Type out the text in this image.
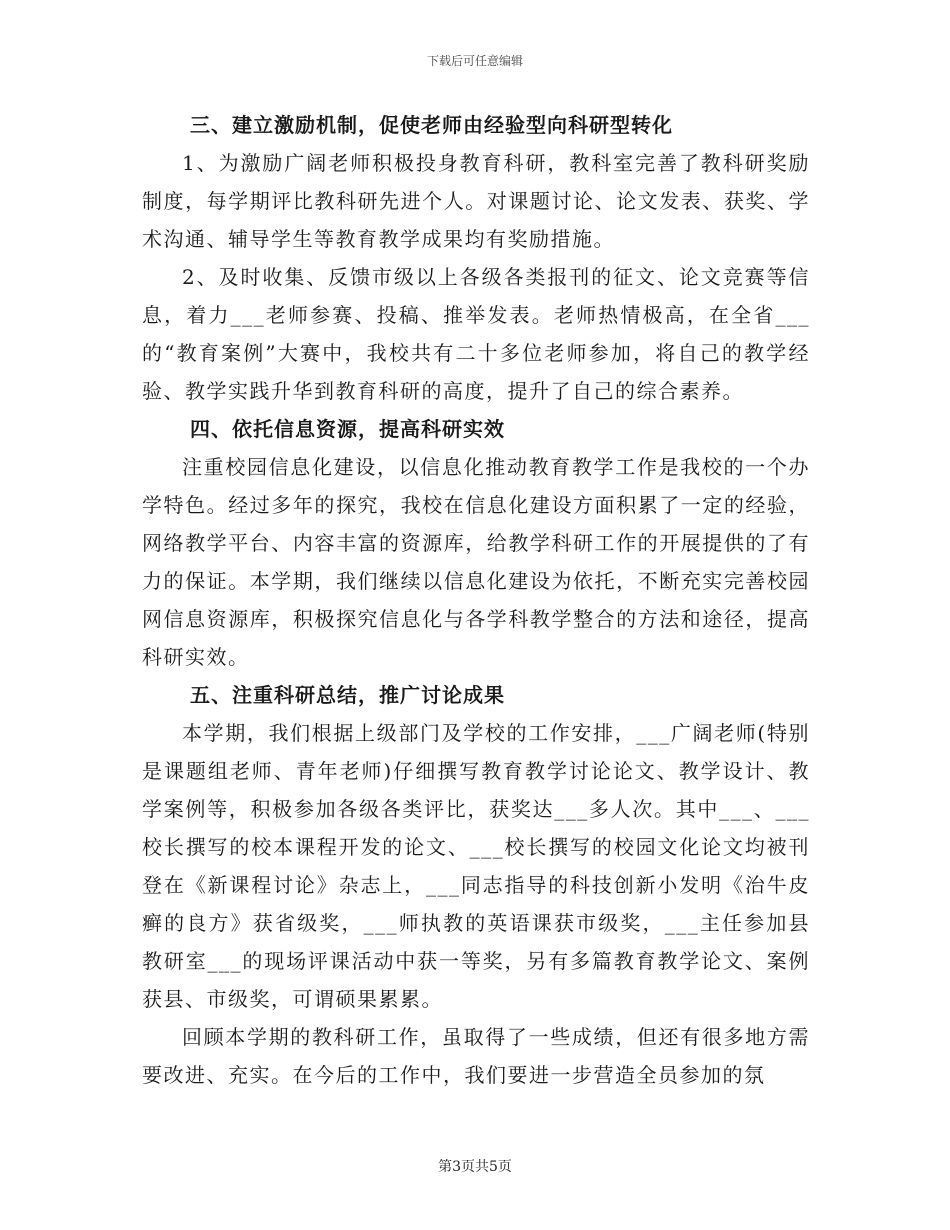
下载后可任意编辑
三、建立激励机制，促使老师由经验型向科研型转化

1、为激励广阔老师积极投身教育科研，教科室完善了教科研奖励制度，每学期评比教科研先进个人。对课题讨论、论文发表、获奖、学术沟通、辅导学生等教育教学成果均有奖励措施。

2、及时收集、反馈市级以上各级各类报刊的征文、论文竞赛等信息，着力___老师参赛、投稿、推举发表。老师热情极高，在全省___的“教育案例”大赛中，我校共有二十多位老师参加，将自己的教学经验、教学实践升华到教育科研的高度，提升了自己的综合素养。

四、依托信息资源，提高科研实效

注重校园信息化建设，以信息化推动教育教学工作是我校的一个办学特色。经过多年的探究，我校在信息化建设方面积累了一定的经验，网络教学平台、内容丰富的资源库，给教学科研工作的开展提供的了有力的保证。本学期，我们继续以信息化建设为依托，不断充实完善校园网信息资源库，积极探究信息化与各学科教学整合的方法和途径，提高科研实效。

五、注重科研总结，推广讨论成果

本学期，我们根据上级部门及学校的工作安排，___广阔老师(特别是课题组老师、青年老师)仔细撰写教育教学讨论论文、教学设计、教学案例等，积极参加各级各类评比，获奖达___多人次。其中___、___校长撰写的校本课程开发的论文、___校长撰写的校园文化论文均被刊登在《新课程讨论》杂志上，___同志指导的科技创新小发明《治牛皮癣的良方》获省级奖，___师执教的英语课获市级奖，___主任参加县教研室___的现场评课活动中获一等奖，另有多篇教育教学论文、案例获县、市级奖，可谓硕果累累。

回顾本学期的教科研工作，虽取得了一些成绩，但还有很多地方需要改进、充实。在今后的工作中，我们要进一步营造全员参加的氛

第3页共5页
